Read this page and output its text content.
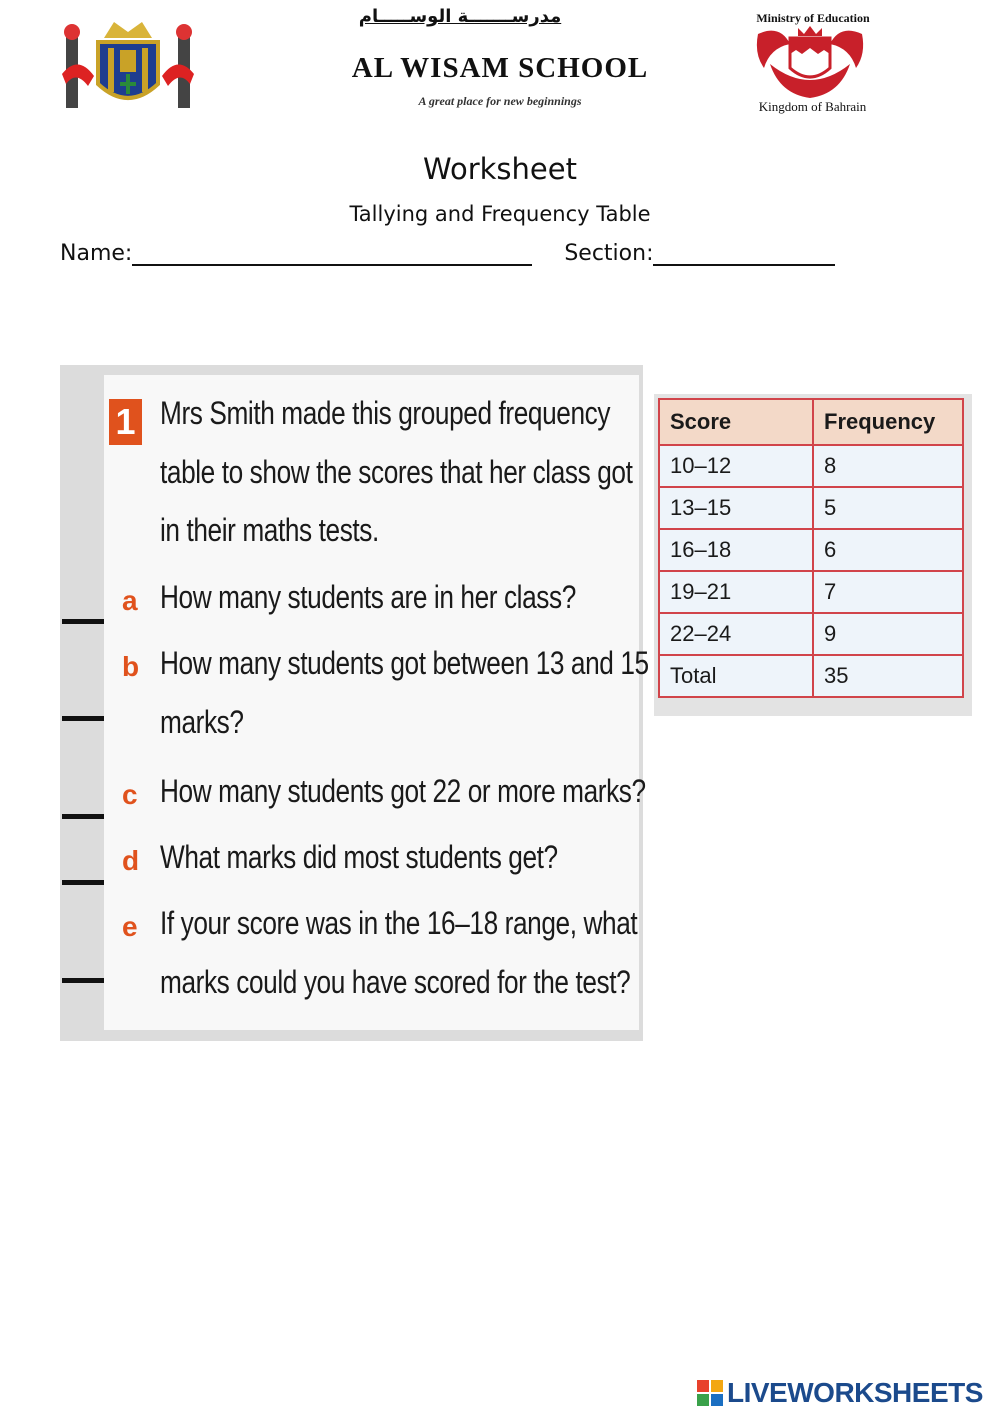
مدرســـــــة الوســـــام
AL WISAM SCHOOL
A great place for new beginnings
Ministry of Education
Kingdom of Bahrain
Worksheet
Tallying and Frequency Table
Name:	Section:
1 Mrs Smith made this grouped frequency
table to show the scores that her class got
in their maths tests.
a How many students are in her class?
b How many students got between 13 and 15
marks?
c How many students got 22 or more marks?
d What marks did most students get?
e If your score was in the 16–18 range, what
marks could you have scored for the test?
Score	Frequency
10–12	8
13–15	5
16–18	6
19–21	7
22–24	9
Total	35
LIVEWORKSHEETS
